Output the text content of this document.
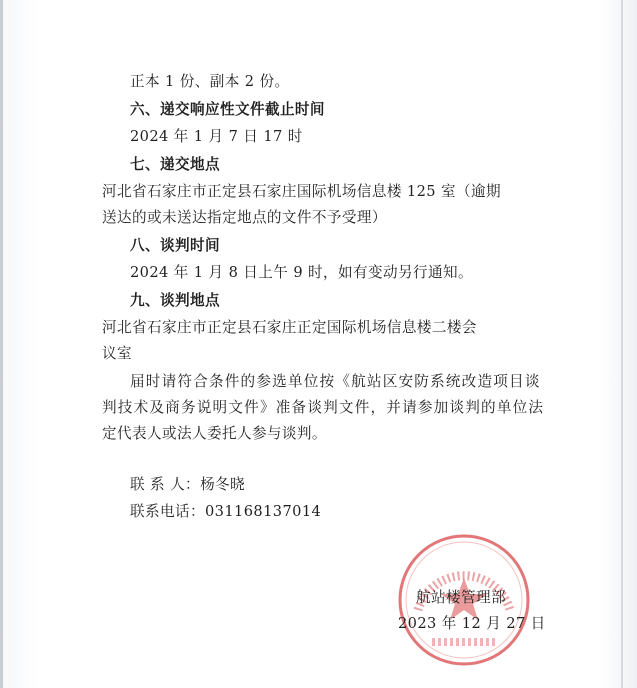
正本 1 份、副本 2 份。
六、递交响应性文件截止时间
2024 年 1 月 7 日 17 时
七、递交地点
河北省石家庄市正定县石家庄国际机场信息楼 125 室（逾期
送达的或未送达指定地点的文件不予受理）
八、谈判时间
2024 年 1 月 8 日上午 9 时，如有变动另行通知。
九、谈判地点
河北省石家庄市正定县石家庄正定国际机场信息楼二楼会
议室
届时请符合条件的参选单位按《航站区安防系统改造项目谈
判技术及商务说明文件》准备谈判文件，并请参加谈判的单位法
定代表人或法人委托人参与谈判。
联 系 人：杨冬晓
联系电话：031168137014
航站楼管理部
2023 年 12 月 27 日
